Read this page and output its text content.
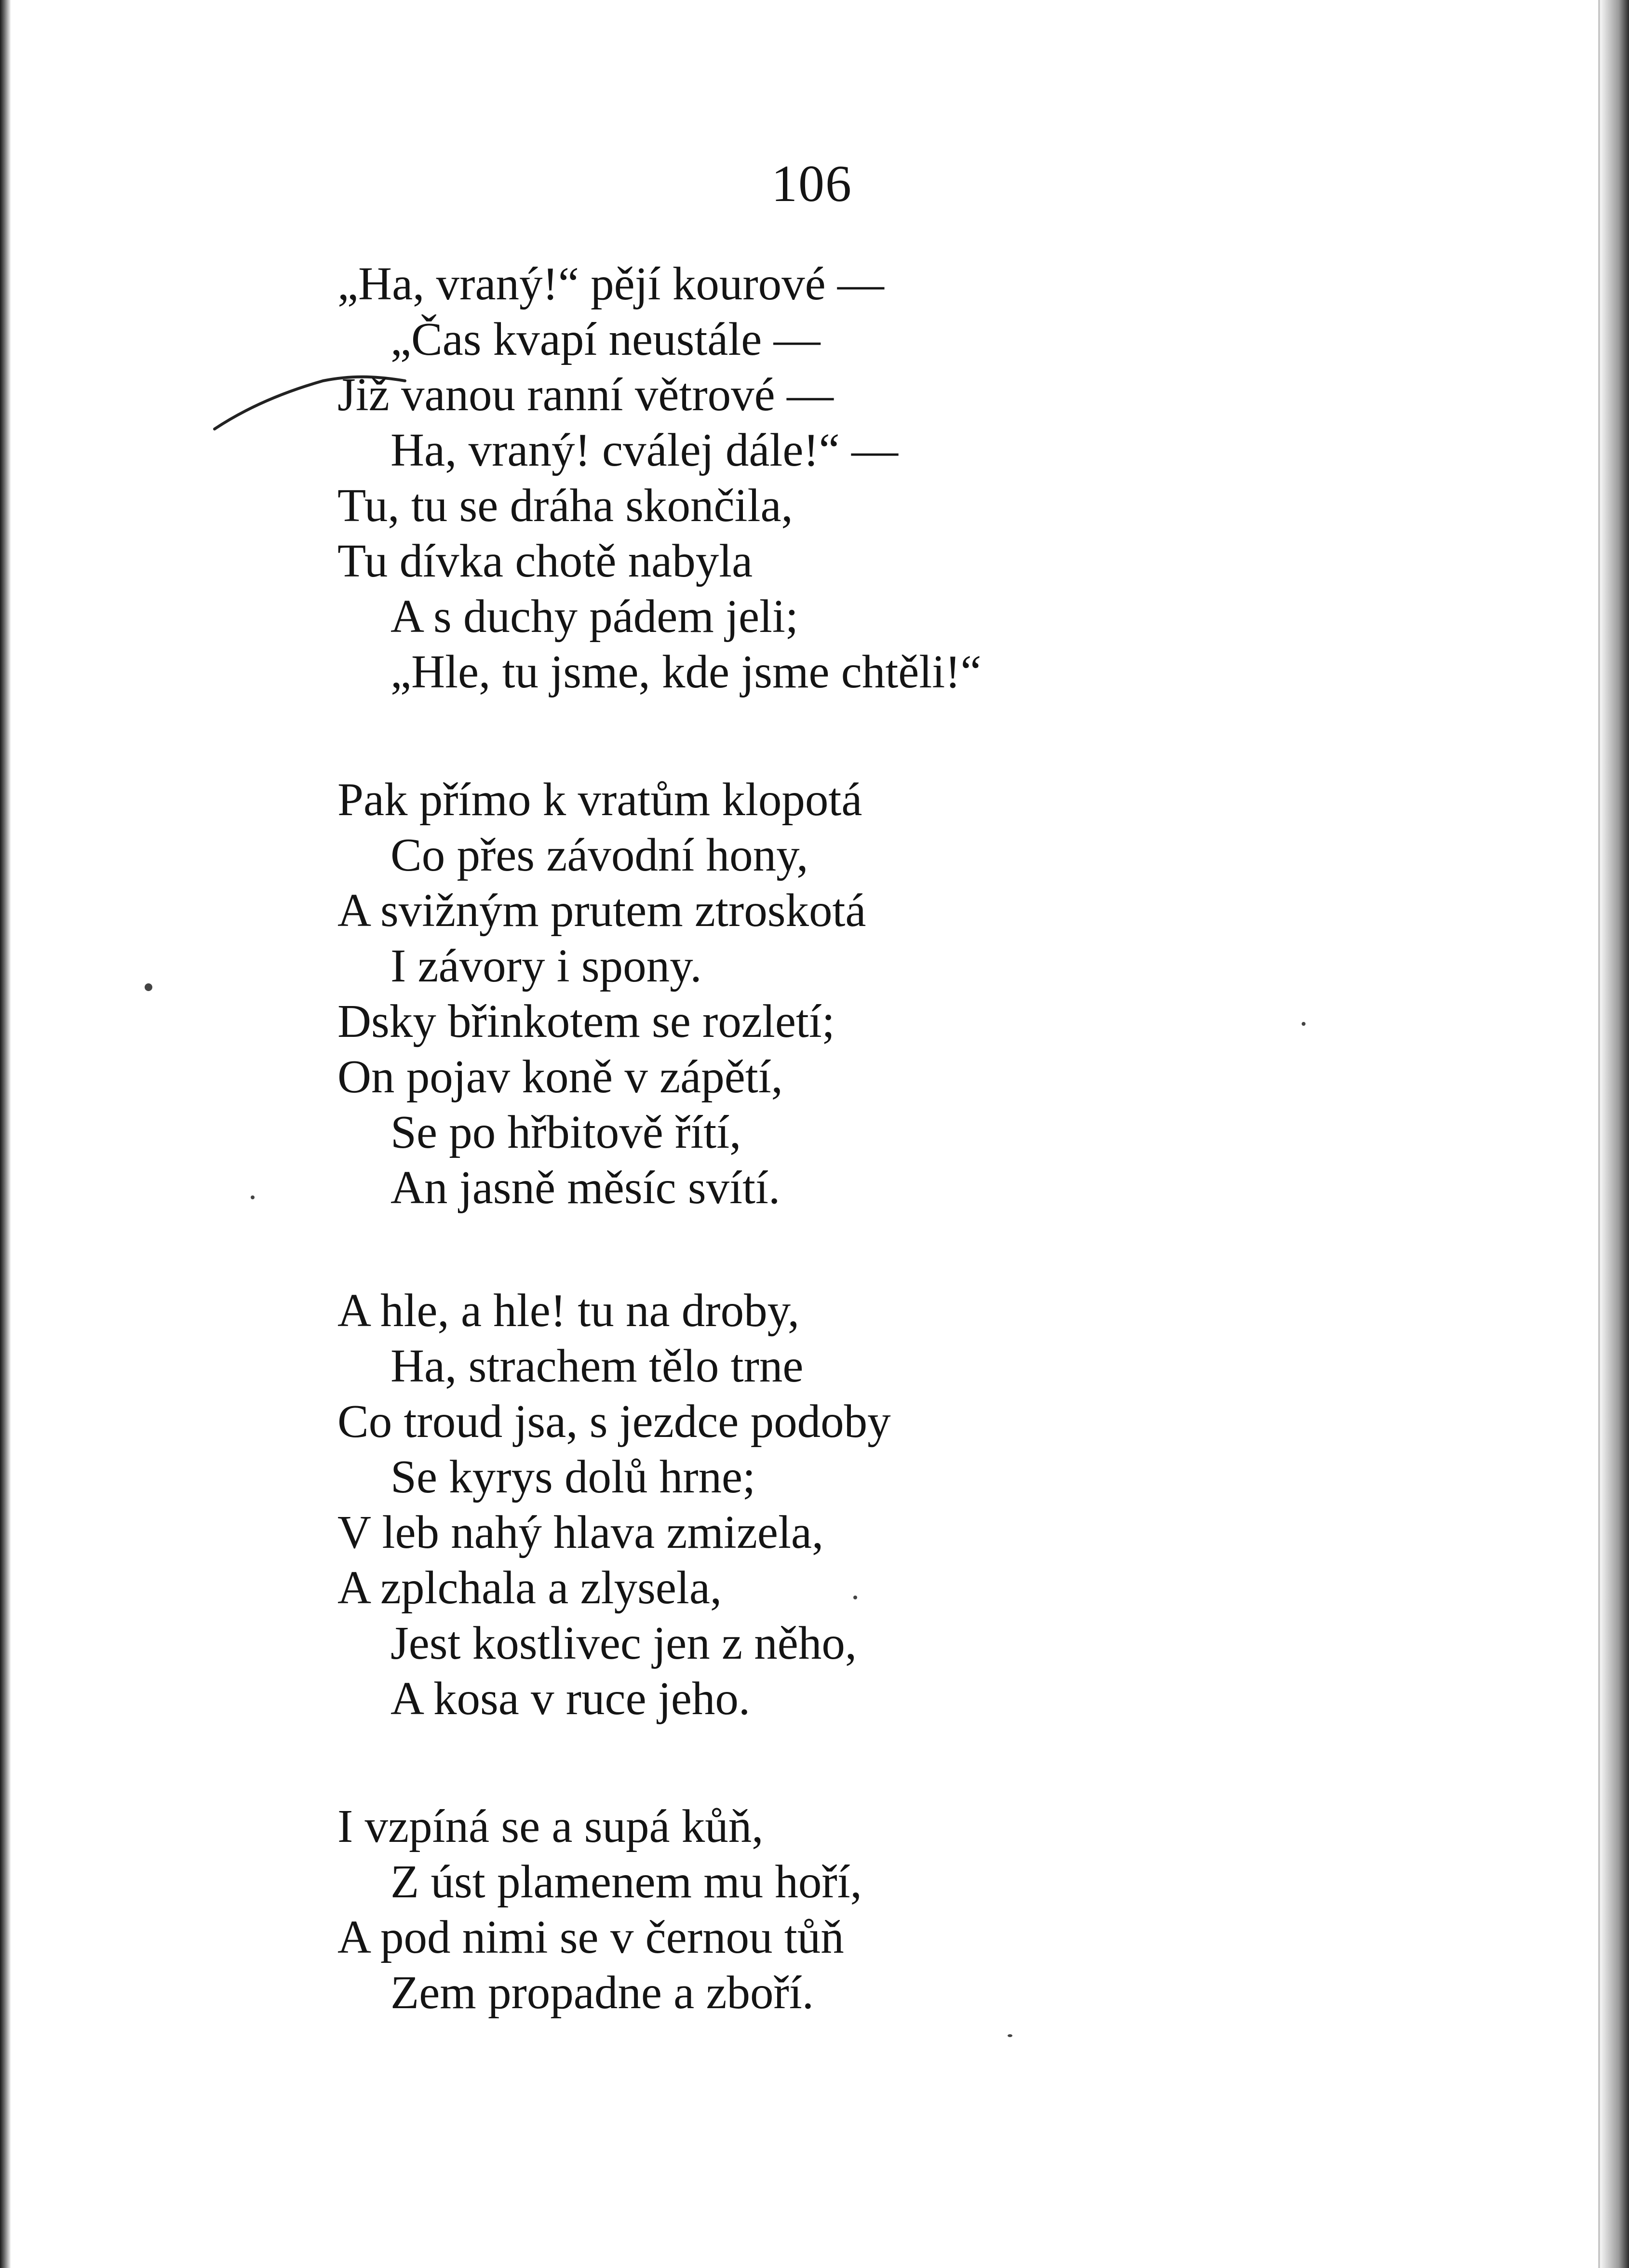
106
„Ha, vraný!“ pějí kourové —
„Čas kvapí neustále —
Již vanou ranní větrové —
Ha, vraný! cválej dále!“ —
Tu, tu se dráha skončila,
Tu dívka chotě nabyla
A s duchy pádem jeli;
„Hle, tu jsme, kde jsme chtěli!“
Pak přímo k vratům klopotá
Co přes závodní hony,
A svižným prutem ztroskotá
I závory i spony.
Dsky břinkotem se rozletí;
On pojav koně v zápětí,
Se po hřbitově řítí,
An jasně měsíc svítí.
A hle, a hle! tu na droby,
Ha, strachem tělo trne
Co troud jsa, s jezdce podoby
Se kyrys dolů hrne;
V leb nahý hlava zmizela,
A zplchala a zlysela,
Jest kostlivec jen z něho,
A kosa v ruce jeho.
I vzpíná se a supá kůň,
Z úst plamenem mu hoří,
A pod nimi se v černou tůň
Zem propadne a zboří.
